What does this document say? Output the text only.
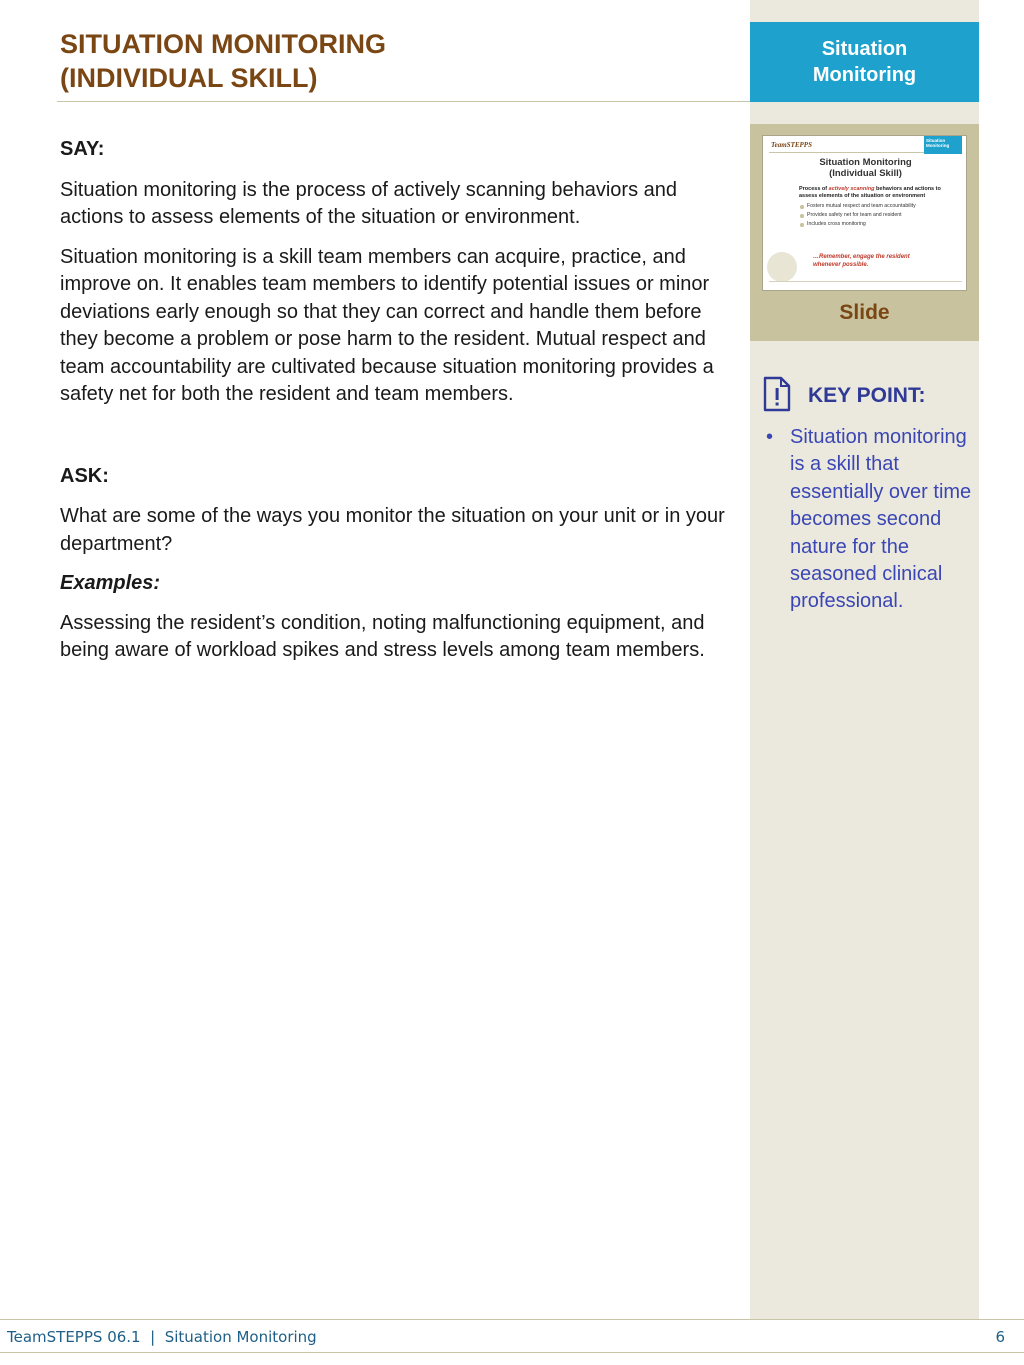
Situation Monitoring
SITUATION MONITORING
(INDIVIDUAL SKILL)
SAY:

Situation monitoring is the process of actively scanning behaviors and actions to assess elements of the situation or environment.

Situation monitoring is a skill team members can acquire, practice, and improve on. It enables team members to identify potential issues or minor deviations early enough so that they can correct and handle them before they become a problem or pose harm to the resident. Mutual respect and team accountability are cultivated because situation monitoring provides a safety net for both the resident and team members.

ASK:

What are some of the ways you monitor the situation on your unit or in your department?

Examples:

Assessing the resident’s condition, noting malfunctioning equipment, and being aware of workload spikes and stress levels among team members.

TeamSTEPPS
Situation Monitoring
Situation Monitoring
(Individual Skill)
Process of actively scanning behaviors and actions to assess elements of the situation or environment
Fosters mutual respect and team accountability
Provides safety net for team and resident
Includes cross monitoring
…Remember, engage the resident
whenever possible.
Slide
KEY POINT:
• Situation monitoring is a skill that essentially over time becomes second nature for the seasoned clinical professional.
TeamSTEPPS 06.1  |  Situation Monitoring	6
